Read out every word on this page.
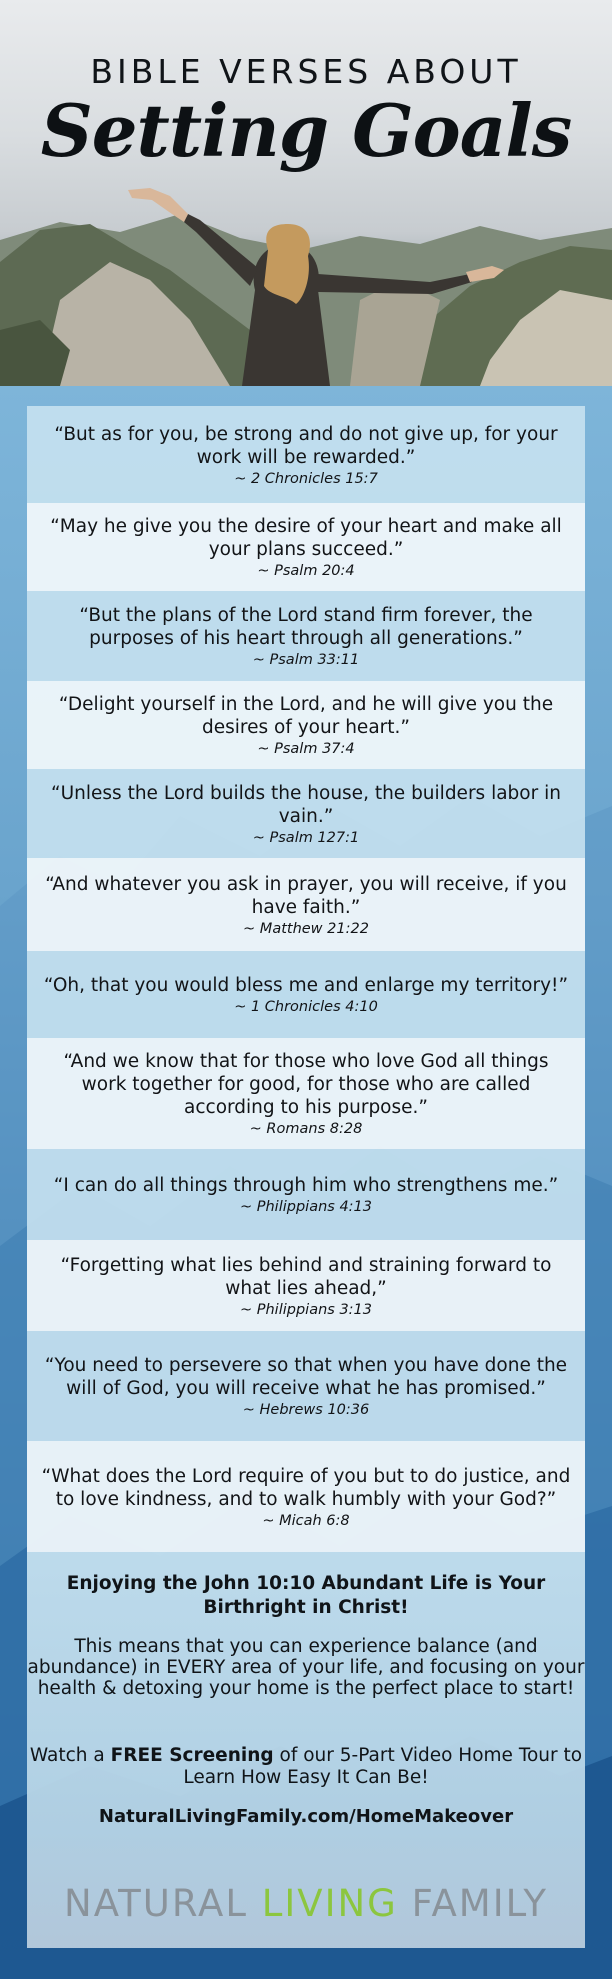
BIBLE VERSES ABOUT
Setting Goals
“But as for you, be strong and do not give up, for your work will be rewarded.”
~ 2 Chronicles 15:7
“May he give you the desire of your heart and make all your plans succeed.”
~ Psalm 20:4
“But the plans of the Lord stand firm forever, the purposes of his heart through all generations.”
~ Psalm 33:11
“Delight yourself in the Lord, and he will give you the desires of your heart.”
~ Psalm 37:4
“Unless the Lord builds the house, the builders labor in vain.”
~ Psalm 127:1
“And whatever you ask in prayer, you will receive, if you have faith.”
~ Matthew 21:22
“Oh, that you would bless me and enlarge my territory!”
~ 1 Chronicles 4:10
“And we know that for those who love God all things work together for good, for those who are called according to his purpose.”
~ Romans 8:28
“I can do all things through him who strengthens me.”
~ Philippians 4:13
“Forgetting what lies behind and straining forward to what lies ahead,”
~ Philippians 3:13
“You need to persevere so that when you have done the will of God, you will receive what he has promised.”
~ Hebrews 10:36
“What does the Lord require of you but to do justice, and to love kindness, and to walk humbly with your God?”
~ Micah 6:8
Enjoying the John 10:10 Abundant Life is Your Birthright in Christ!
This means that you can experience balance (and abundance) in EVERY area of your life, and focusing on your health & detoxing your home is the perfect place to start!
Watch a FREE Screening of our 5-Part Video Home Tour to Learn How Easy It Can Be!
NaturalLivingFamily.com/HomeMakeover
NATURAL LIVING FAMILY
